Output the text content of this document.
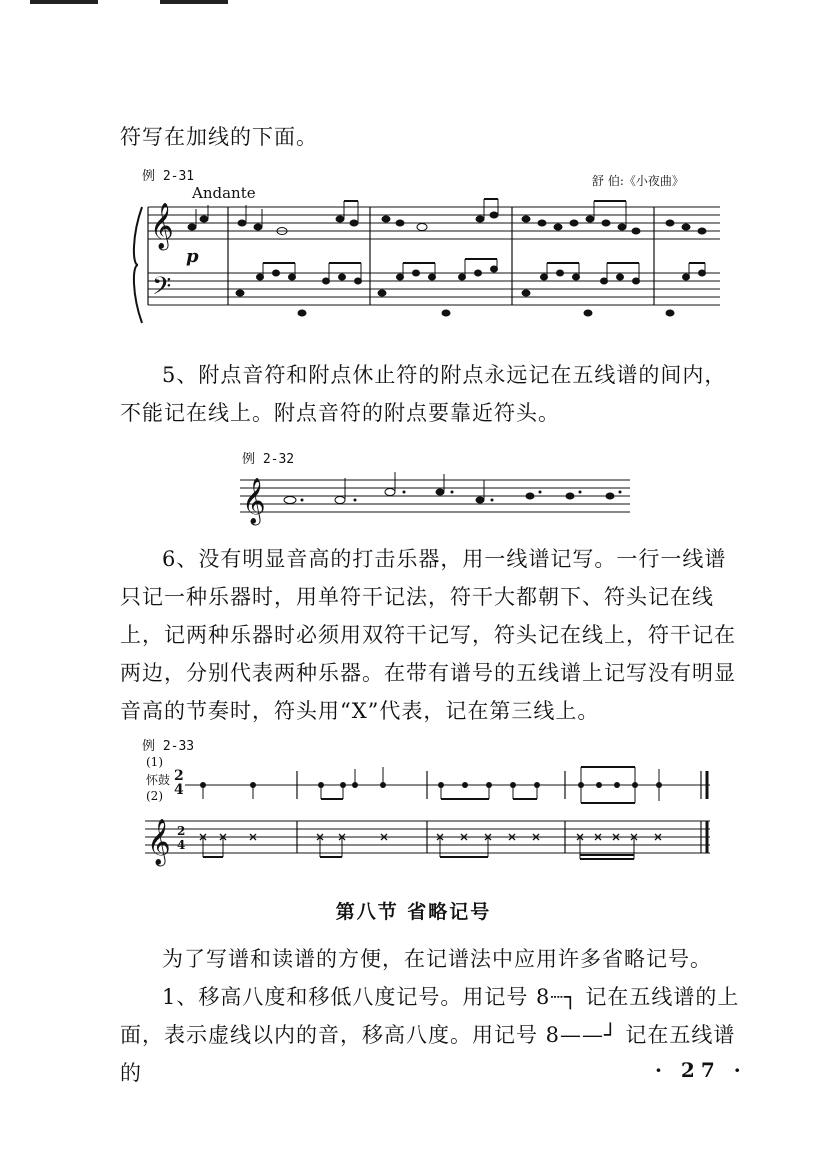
符写在加线的下面。

例 2-31
Andante
舒 伯:《小夜曲》
p
𝄞
𝄢

5、附点音符和附点休止符的附点永远记在五线谱的间内，不能记在线上。附点音符的附点要靠近符头。

例 2-32
𝄞

6、没有明显音高的打击乐器，用一线谱记写。一行一线谱只记一种乐器时，用单符干记法，符干大都朝下、符头记在线上，记两种乐器时必须用双符干记写，符头记在线上，符干记在两边，分别代表两种乐器。在带有谱号的五线谱上记写没有明显音高的节奏时，符头用“X”代表，记在第三线上。

例 2-33
(1)
怀鼓
(2)
2
4
𝄞 2
4
第八节 省略记号

为了写谱和读谱的方便，在记谱法中应用许多省略记号。

1、移高八度和移低八度记号。用记号 8┈┐ 记在五线谱的上面，表示虚线以内的音，移高八度。用记号 8——┘ 记在五线谱的	· 27 ·
